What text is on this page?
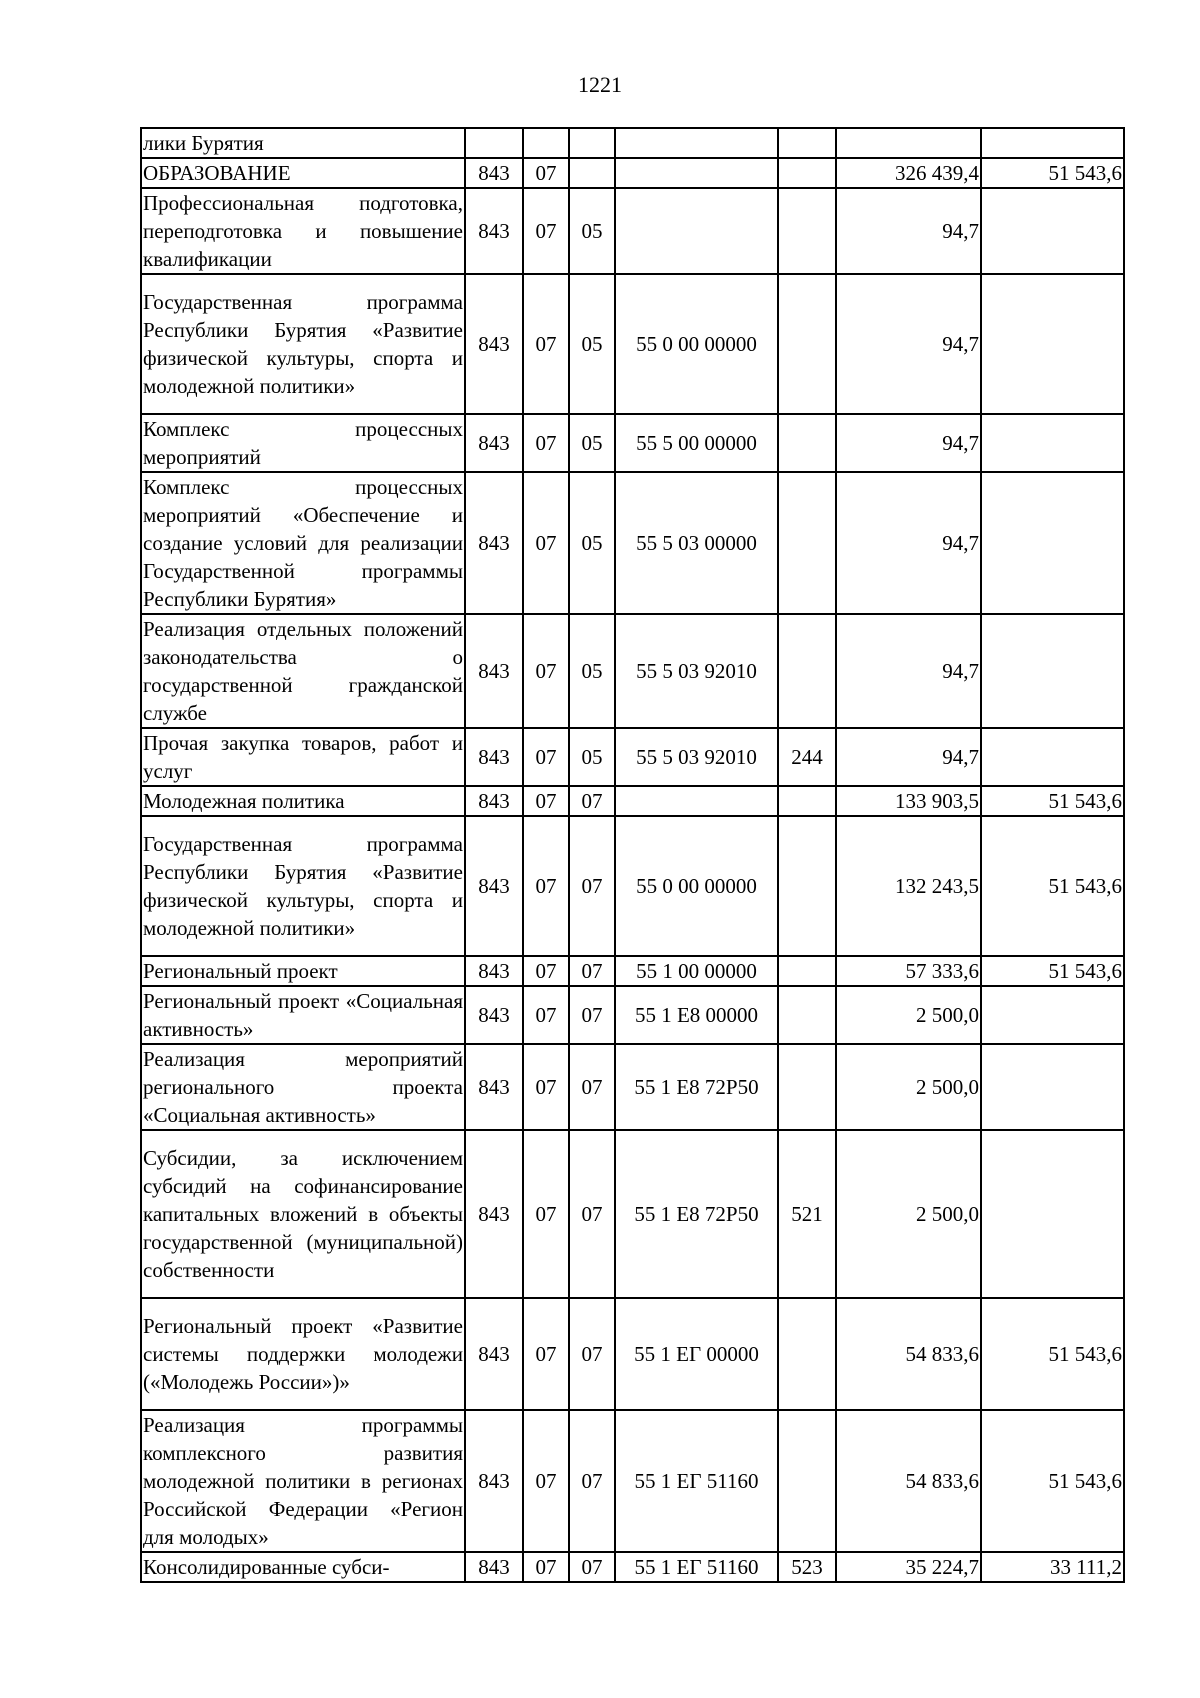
1221
лики Бурятия							
ОБРАЗОВАНИЕ	843	07				326 439,4	51 543,6
Профессиональная подготовка, переподготовка и повышение квалификации	843	07	05			94,7	
Государственная программа Республики Бурятия «Развитие физической культуры, спорта и молодежной политики»	843	07	05	55 0 00 00000		94,7	
Комплекс процессных мероприятий	843	07	05	55 5 00 00000		94,7	
Комплекс процессных мероприятий «Обеспечение и создание условий для реализации Государственной программы Республики Бурятия»	843	07	05	55 5 03 00000		94,7	
Реализация отдельных положений законодательства о государственной гражданской службе	843	07	05	55 5 03 92010		94,7	
Прочая закупка товаров, работ и услуг	843	07	05	55 5 03 92010	244	94,7	
Молодежная политика	843	07	07			133 903,5	51 543,6
Государственная программа Республики Бурятия «Развитие физической культуры, спорта и молодежной политики»	843	07	07	55 0 00 00000		132 243,5	51 543,6
Региональный проект	843	07	07	55 1 00 00000		57 333,6	51 543,6
Региональный проект «Социальная активность»	843	07	07	55 1 Е8 00000		2 500,0	
Реализация мероприятий регионального проекта «Социальная активность»	843	07	07	55 1 Е8 72Р50		2 500,0	
Субсидии, за исключением субсидий на софинансирование капитальных вложений в объекты государственной (муниципальной) собственности	843	07	07	55 1 Е8 72Р50	521	2 500,0	
Региональный проект «Развитие системы поддержки молодежи («Молодежь России»)»	843	07	07	55 1 ЕГ 00000		54 833,6	51 543,6
Реализация программы комплексного развития молодежной политики в регионах Российской Федерации «Регион для молодых»	843	07	07	55 1 ЕГ 51160		54 833,6	51 543,6
Консолидированные субси-	843	07	07	55 1 ЕГ 51160	523	35 224,7	33 111,2
